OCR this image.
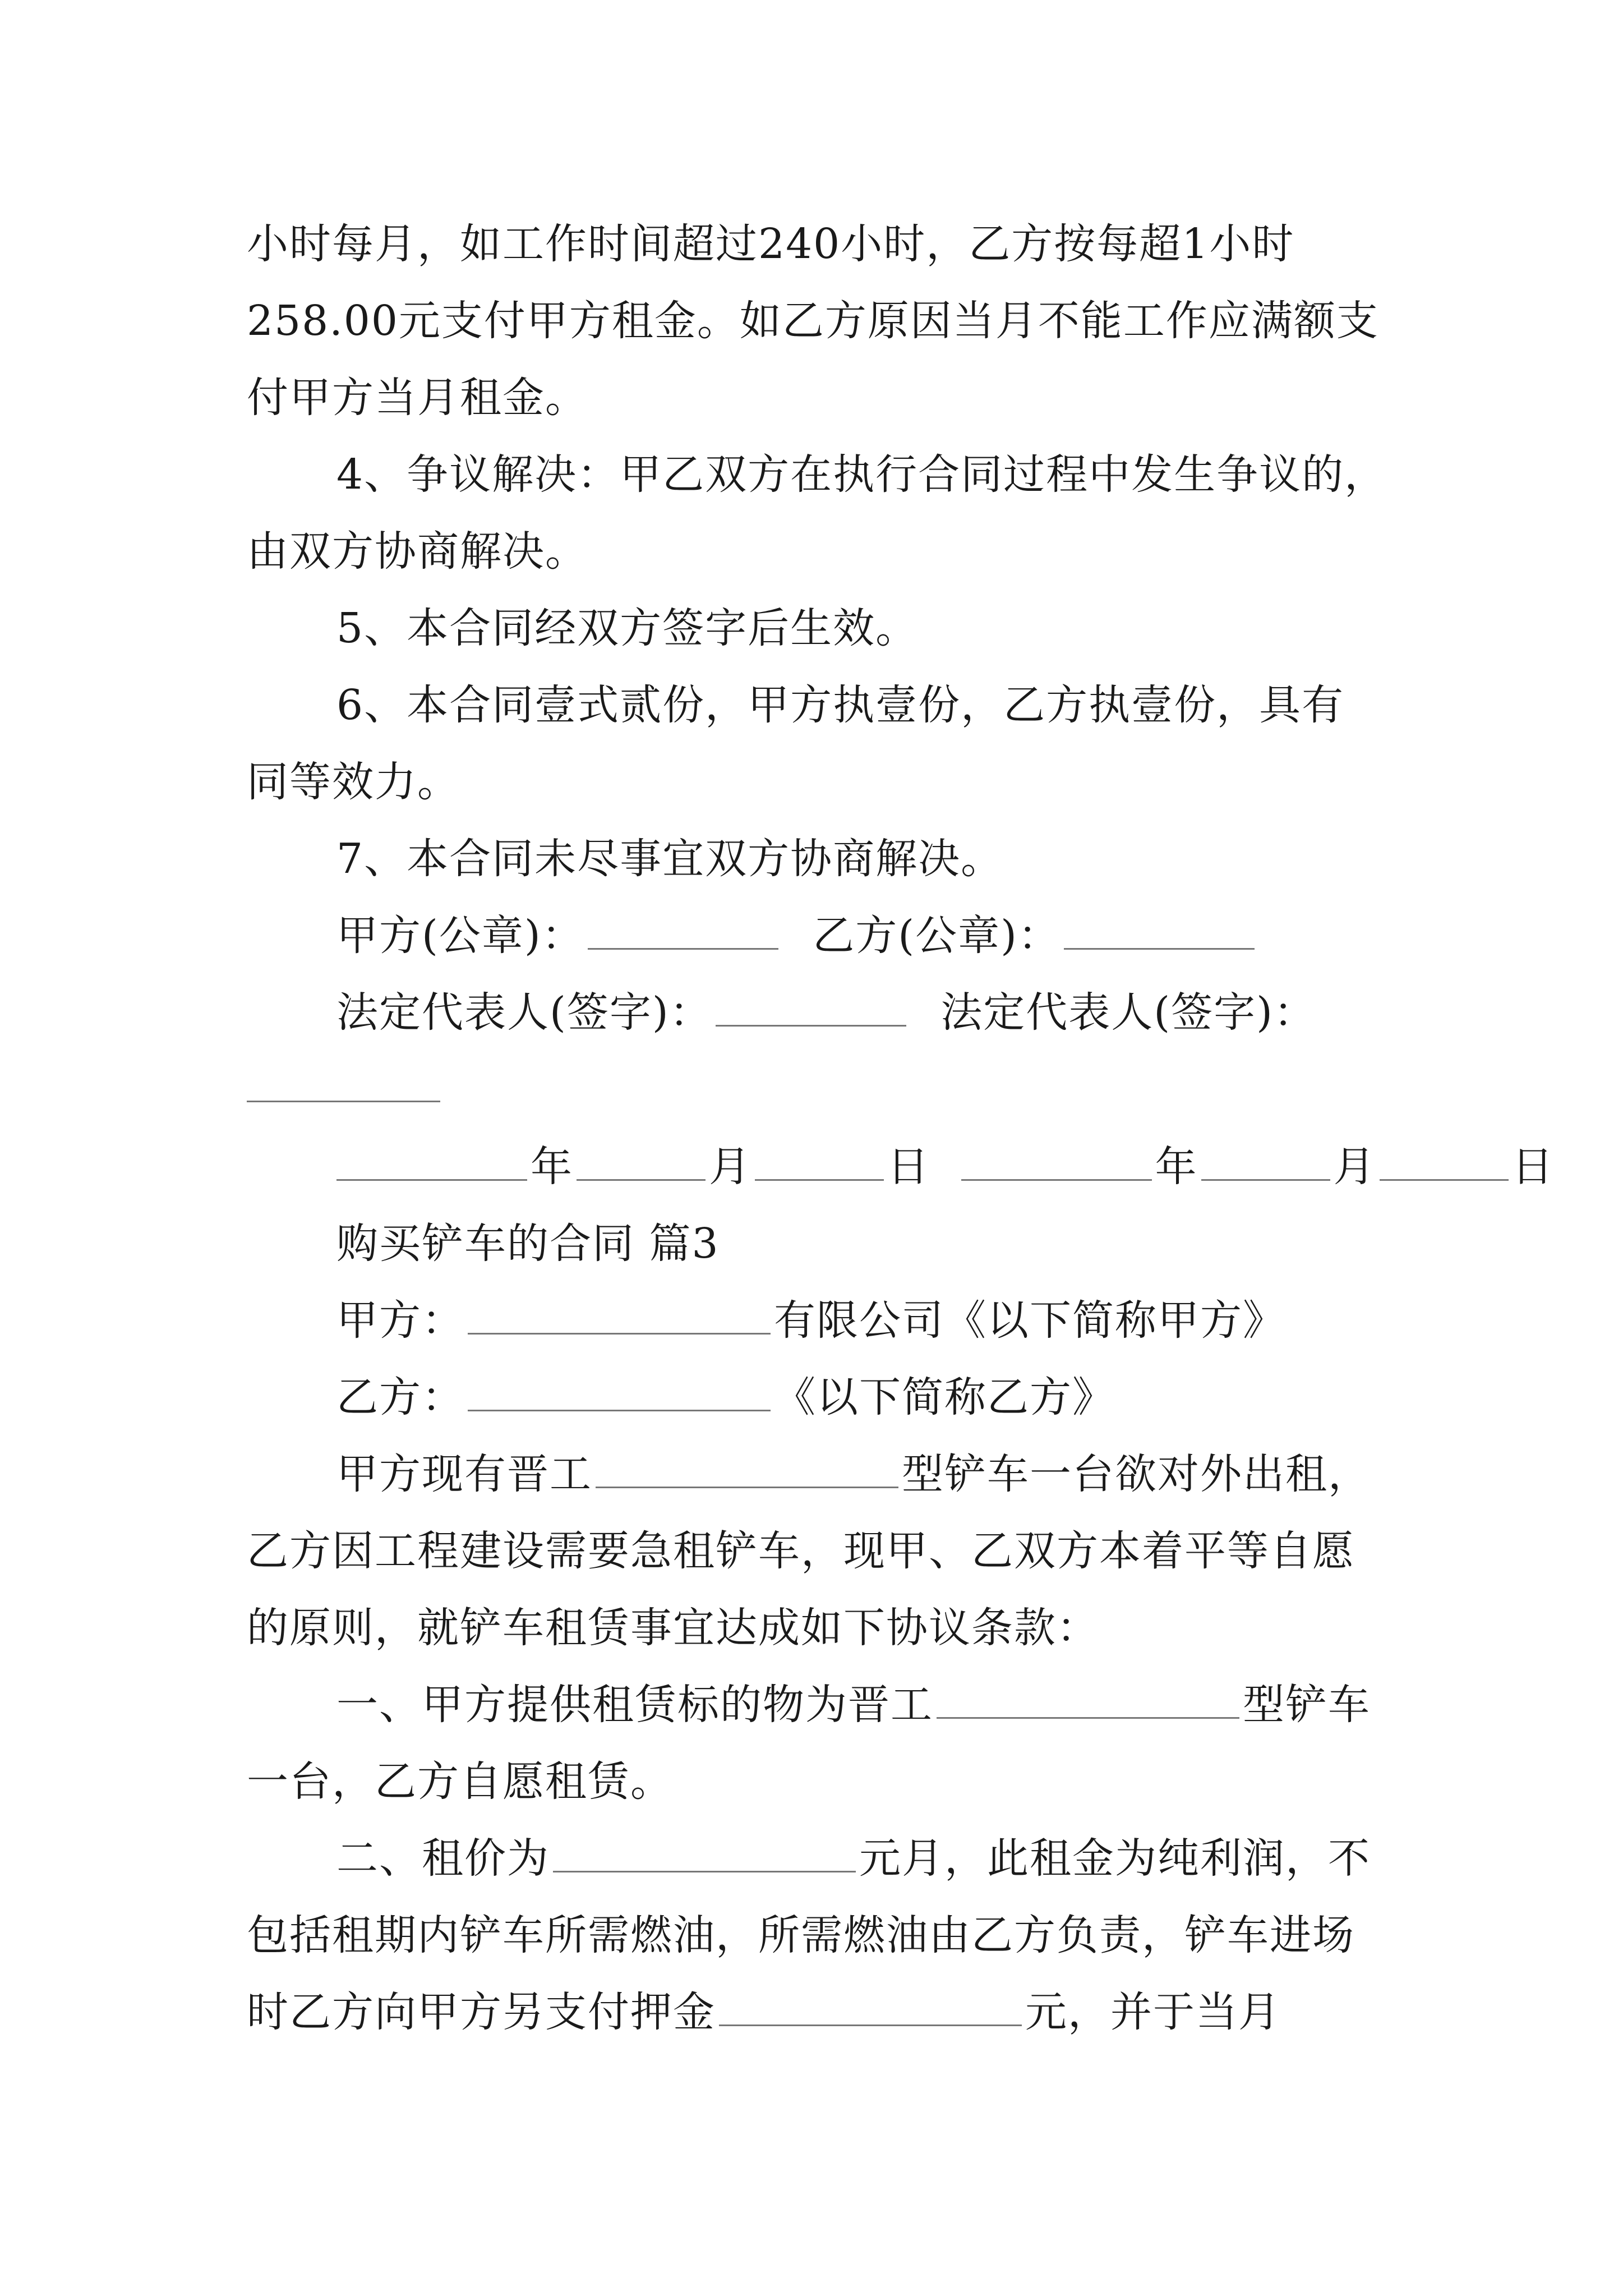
小时每月，如工作时间超过240小时，乙方按每超1小时

258.00元支付甲方租金。如乙方原因当月不能工作应满额支

付甲方当月租金。

4、争议解决：甲乙双方在执行合同过程中发生争议的，

由双方协商解决。

5、本合同经双方签字后生效。

6、本合同壹式贰份，甲方执壹份，乙方执壹份，具有

同等效力。

7、本合同未尽事宜双方协商解决。

甲方(公章)：	乙方(公章)：

法定代表人(签字)：	法定代表人(签字)：

年	月	日	年	月	日

购买铲车的合同 篇3

甲方：	有限公司《以下简称甲方》

乙方：	《以下简称乙方》

甲方现有晋工	型铲车一台欲对外出租，

乙方因工程建设需要急租铲车，现甲、乙双方本着平等自愿

的原则，就铲车租赁事宜达成如下协议条款：

一、甲方提供租赁标的物为晋工	型铲车

一台，乙方自愿租赁。

二、租价为	元月，此租金为纯利润，不

包括租期内铲车所需燃油，所需燃油由乙方负责，铲车进场

时乙方向甲方另支付押金	元，并于当月
